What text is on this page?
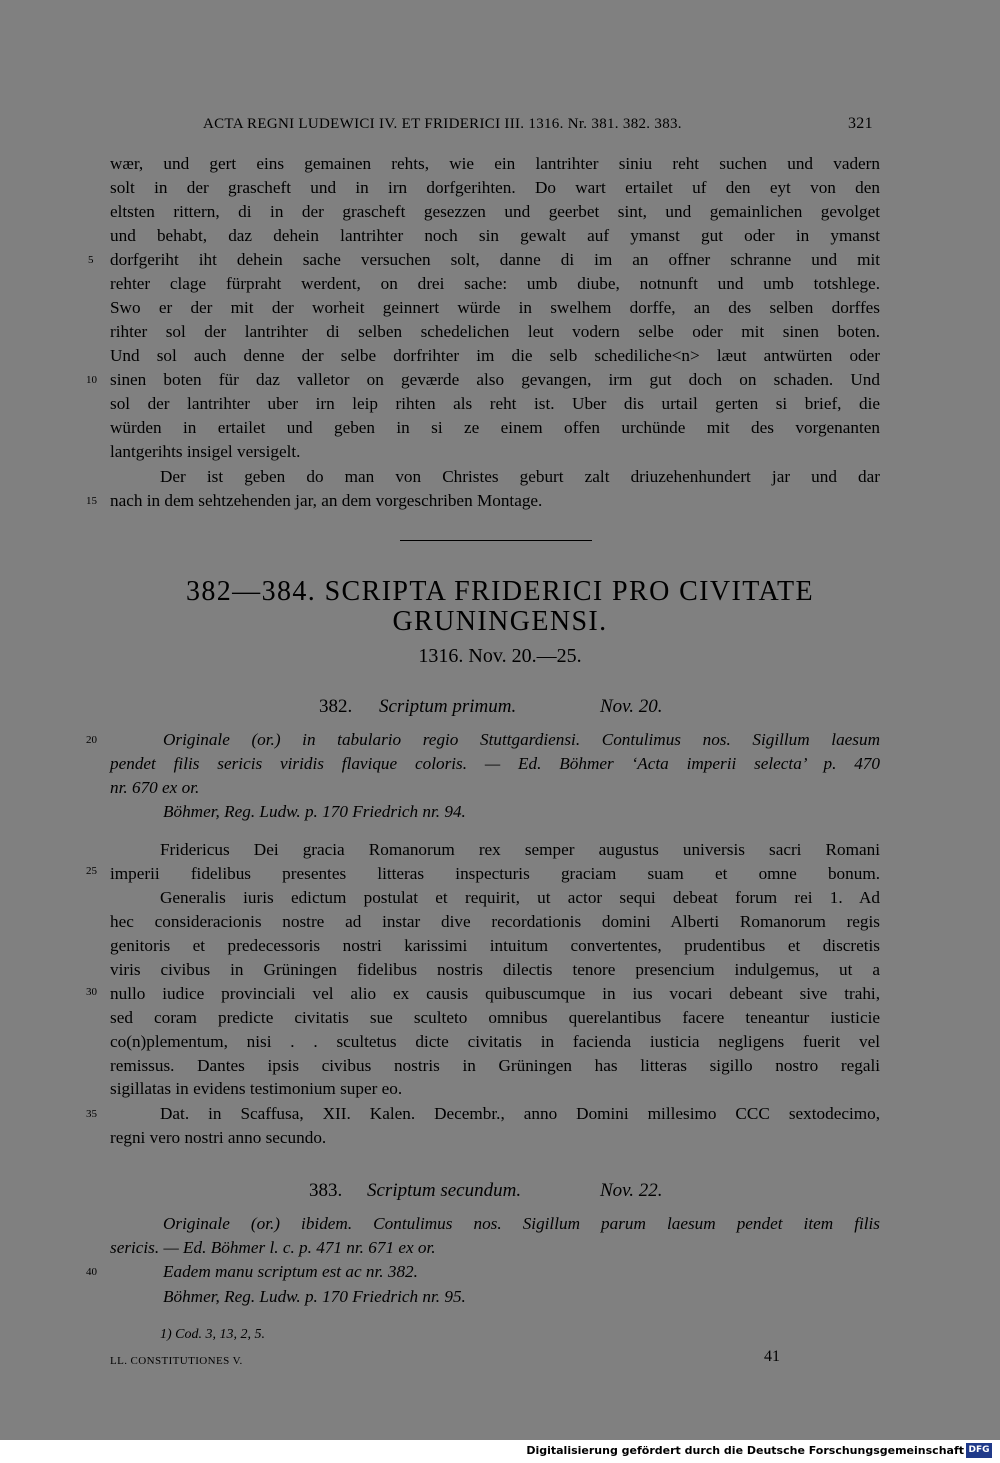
ACTA REGNI LUDEWICI IV. ET FRIDERICI III. 1316. Nr. 381. 382. 383.	321
wær, und gert eins gemainen rehts, wie ein lantrihter siniu reht suchen und vadern
solt in der grascheft und in irn dorfgerihten. Do wart ertailet uf den eyt von den
eltsten rittern, di in der grascheft gesezzen und geerbet sint, und gemainlichen gevolget
und behabt, daz dehein lantrihter noch sin gewalt auf ymanst gut oder in ymanst
dorfgeriht iht dehein sache versuchen solt, danne di im an offner schranne und mit
rehter clage fürpraht werdent, on drei sache: umb diube, notnunft und umb totshlege.
Swo er der mit der worheit geinnert würde in swelhem dorffe, an des selben dorffes
rihter sol der lantrihter di selben schedelichen leut vodern selbe oder mit sinen boten.
Und sol auch denne der selbe dorfrihter im die selb schediliche<n> læut antwürten oder
sinen boten für daz valletor on geværde also gevangen, irm gut doch on schaden. Und
sol der lantrihter uber irn leip rihten als reht ist. Uber dis urtail gerten si brief, die
würden in ertailet und geben in si ze einem offen urchünde mit des vorgenanten
lantgerihts insigel versigelt.
Der ist geben do man von Christes geburt zalt driuzehenhundert jar und dar
nach in dem sehtzehenden jar, an dem vorgeschriben Montage.
5
10
15
20
25
30
35
40
382—384. SCRIPTA FRIDERICI PRO CIVITATE
GRUNINGENSI.
1316. Nov. 20.—25.
382. Scriptum primum.	Nov. 20.
Originale (or.) in tabulario regio Stuttgardiensi. Contulimus nos. Sigillum laesum
pendet filis sericis viridis flavique coloris. — Ed. Böhmer ‘Acta imperii selecta’ p. 470
nr. 670 ex or.
Böhmer, Reg. Ludw. p. 170 Friedrich nr. 94.
Fridericus Dei gracia Romanorum rex semper augustus universis sacri Romani
imperii fidelibus presentes litteras inspecturis graciam suam et omne bonum.
Generalis iuris edictum postulat et requirit, ut actor sequi debeat forum rei 1. Ad
hec consideracionis nostre ad instar dive recordationis domini Alberti Romanorum regis
genitoris et predecessoris nostri karissimi intuitum convertentes, prudentibus et discretis
viris civibus in Grüningen fidelibus nostris dilectis tenore presencium indulgemus, ut a
nullo iudice provinciali vel alio ex causis quibuscumque in ius vocari debeant sive trahi,
sed coram predicte civitatis sue sculteto omnibus querelantibus facere teneantur iusticie
co(n)plementum, nisi . . scultetus dicte civitatis in facienda iusticia negligens fuerit vel
remissus. Dantes ipsis civibus nostris in Grüningen has litteras sigillo nostro regali
sigillatas in evidens testimonium super eo.
Dat. in Scaffusa, XII. Kalen. Decembr., anno Domini millesimo CCC sextodecimo,
regni vero nostri anno secundo.
383. Scriptum secundum.	Nov. 22.
Originale (or.) ibidem. Contulimus nos. Sigillum parum laesum pendet item filis
sericis. — Ed. Böhmer l. c. p. 471 nr. 671 ex or.
Eadem manu scriptum est ac nr. 382.
Böhmer, Reg. Ludw. p. 170 Friedrich nr. 95.
1) Cod. 3, 13, 2, 5.
LL. CONSTITUTIONES V.	41
Digitalisierung gefördert durch die Deutsche Forschungsgemeinschaft DFG
